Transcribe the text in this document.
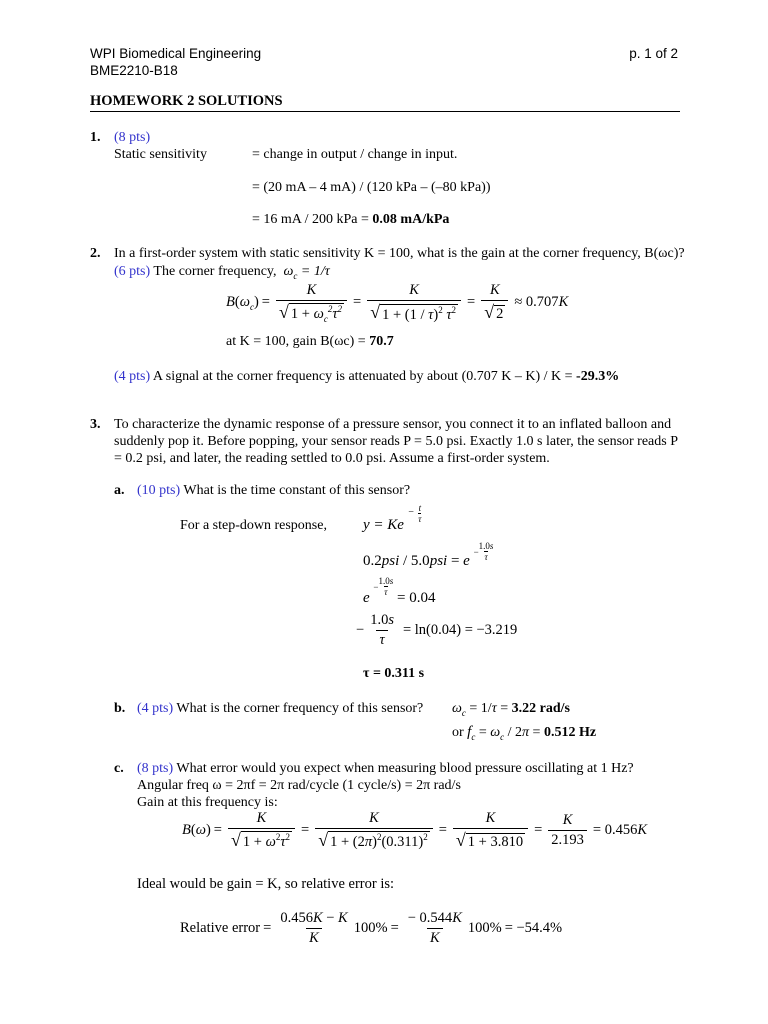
WPI Biomedical Engineering
BME2210-B18
p. 1 of 2
HOMEWORK 2 SOLUTIONS
1. (8 pts)
Static sensitivity	= change in output / change in input.
= (20 mA – 4 mA) / (120 kPa – (–80 kPa))
= 16 mA / 200 kPa = 0.08 mA/kPa
2. In a first-order system with static sensitivity K = 100, what is the gain at the corner frequency, B(ωc)?
(6 pts) The corner frequency,  $\omega_c = 1/\tau$
B ( $\omega_c$ ) = $\frac{K}{√ 1 + \omega_c^2\tau^2} = \frac{K}{√ 1 + (1 / \tau)^2 \tau^2} = \frac{K}{√ 2} \approx 0.707K$
at K = 100, gain B(ωc) = 70.7
(4 pts) A signal at the corner frequency is attenuated by about (0.707 K – K) / K = -29.3%
3. To characterize the dynamic response of a pressure sensor, you connect it to an inflated balloon and
suddenly pop it. Before popping, your sensor reads P = 5.0 psi. Exactly 1.0 s later, the sensor reads P
= 0.2 psi, and later, the reading settled to 0.0 psi. Assume a first-order system.
a. (10 pts) What is the time constant of this sensor?
For a step-down response, $y = Ke - \frac{t}{\tau}$
0.2psi / 5.0psi = e
− $\frac{1.0s}{\tau}$
e
− $\frac{1.0s}{\tau}$
= 0.04
− $\frac{1.0s}{\tau} = \ln(0.04) = -3.219$
τ = 0.311 s
b. (4 pts) What is the corner frequency of this sensor? $\omega_c = 1/\tau = 3.22$ rad/s
or $f_c = \omega_c / 2\pi = 0.512$ Hz
c. (8 pts) What error would you expect when measuring blood pressure oscillating at 1 Hz?
Angular freq ω = 2πf = 2π rad/cycle (1 cycle/s) = 2π rad/s
Gain at this frequency is:
B ( ω ) = $\frac{K}{√ 1 + \omega^2\tau^2} = \frac{K}{√ 1 + (2\pi)^2(0.311)^2} = \frac{K}{√ 1 + 3.810} = \frac{K}{2.193} = 0.456K$
Ideal would be gain = K, so relative error is:
Relative error = $\frac{0.456K - K}{K} 100\% = \frac{- 0.544K}{K} 100\% = -54.4\%$
